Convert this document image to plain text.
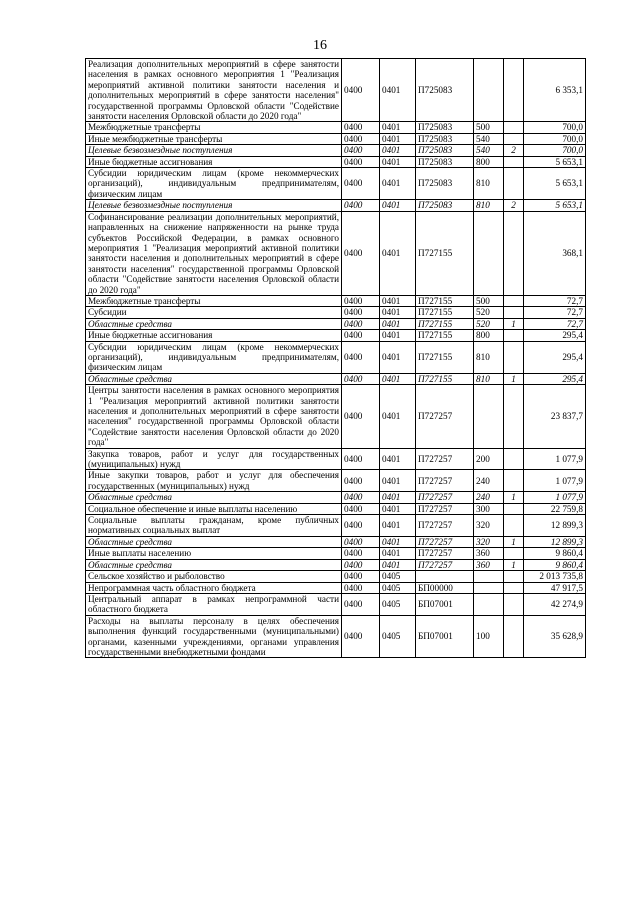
16
Реализация дополнительных мероприятий в сфере занятости населения в рамках основного мероприятия 1 "Реализация мероприятий активной политики занятости населения и дополнительных мероприятий в сфере занятости населения" государственной программы Орловской области "Содействие занятости населения Орловской области до 2020 года"	0400	0401	П725083			6 353,1
Межбюджетные трансферты	0400	0401	П725083	500		700,0
Иные межбюджетные трансферты	0400	0401	П725083	540		700,0
Целевые безвозмездные поступления	0400	0401	П725083	540	2	700,0
Иные бюджетные ассигнования	0400	0401	П725083	800		5 653,1
Субсидии юридическим лицам (кроме некоммерческих организаций), индивидуальным предпринимателям, физическим лицам	0400	0401	П725083	810		5 653,1
Целевые безвозмездные поступления	0400	0401	П725083	810	2	5 653,1
Софинансирование реализации дополнительных мероприятий, направленных на снижение напряженности на рынке труда субъектов Российской Федерации, в рамках основного мероприятия 1 "Реализация мероприятий активной политики занятости населения и дополнительных мероприятий в сфере занятости населения" государственной программы Орловской области "Содействие занятости населения Орловской области до 2020 года"	0400	0401	П727155			368,1
Межбюджетные трансферты	0400	0401	П727155	500		72,7
Субсидии	0400	0401	П727155	520		72,7
Областные средства	0400	0401	П727155	520	1	72,7
Иные бюджетные ассигнования	0400	0401	П727155	800		295,4
Субсидии юридическим лицам (кроме некоммерческих организаций), индивидуальным предпринимателям, физическим лицам	0400	0401	П727155	810		295,4
Областные средства	0400	0401	П727155	810	1	295,4
Центры занятости населения в рамках основного мероприятия 1 "Реализация мероприятий активной политики занятости населения и дополнительных мероприятий в сфере занятости населения" государственной программы Орловской области "Содействие занятости населения Орловской области до 2020 года"	0400	0401	П727257			23 837,7
Закупка товаров, работ и услуг для государственных (муниципальных) нужд	0400	0401	П727257	200		1 077,9
Иные закупки товаров, работ и услуг для обеспечения государственных (муниципальных) нужд	0400	0401	П727257	240		1 077,9
Областные средства	0400	0401	П727257	240	1	1 077,9
Социальное обеспечение и иные выплаты населению	0400	0401	П727257	300		22 759,8
Социальные выплаты гражданам, кроме публичных нормативных социальных выплат	0400	0401	П727257	320		12 899,3
Областные средства	0400	0401	П727257	320	1	12 899,3
Иные выплаты населению	0400	0401	П727257	360		9 860,4
Областные средства	0400	0401	П727257	360	1	9 860,4
Сельское хозяйство и рыболовство	0400	0405				2 013 735,8
Непрограммная часть областного бюджета	0400	0405	БП00000			47 917,5
Центральный аппарат в рамках непрограммной части областного бюджета	0400	0405	БП07001			42 274,9
Расходы на выплаты персоналу в целях обеспечения выполнения функций государственными (муниципальными) органами, казенными учреждениями, органами управления государственными внебюджетными фондами	0400	0405	БП07001	100		35 628,9
